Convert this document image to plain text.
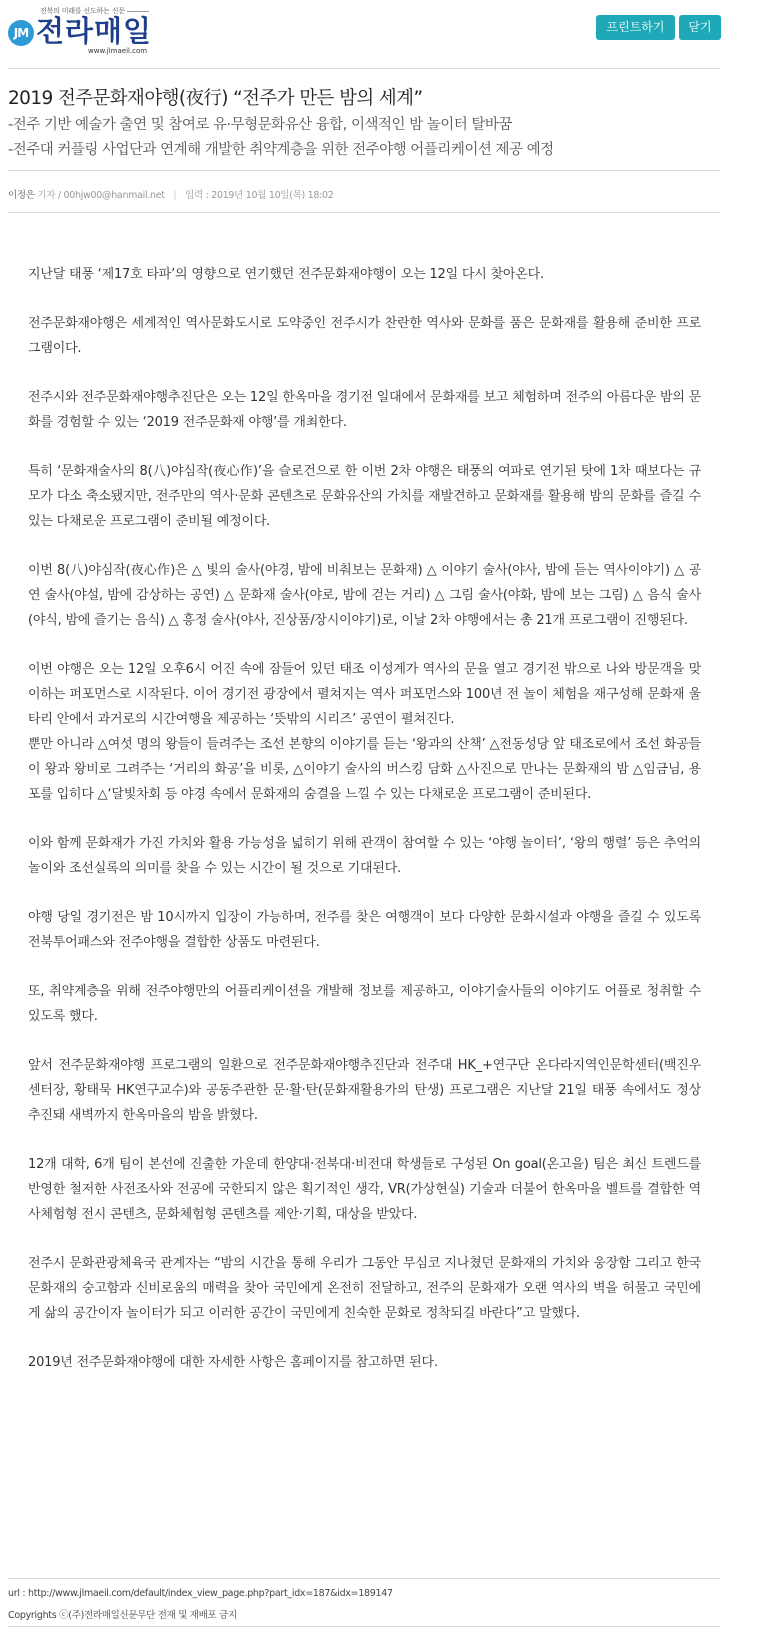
전북의 미래를 선도하는 신문
JM 전라매일
www.jlmaeil.com
프린트하기	닫기
2019 전주문화재야행(夜行) “전주가 만든 밤의 세계”
-전주 기반 예술가 출연 및 참여로 유·무형문화유산 융합, 이색적인 밤 놀이터 탈바꿈
-전주대 커플링 사업단과 연계해 개발한 취약계층을 위한 전주야행 어플리케이션 제공 예정
이정은 기자 / 00hjw00@hanmail.net | 입력 : 2019년 10월 10일(목) 18:02

지난달 태풍 ‘제17호 타파’의 영향으로 연기했던 전주문화재야행이 오는 12일 다시 찾아온다.

전주문화재야행은 세계적인 역사문화도시로 도약중인 전주시가 찬란한 역사와 문화를 품은 문화재를 활용해 준비한 프로그램이다.

전주시와 전주문화재야행추진단은 오는 12일 한옥마을 경기전 일대에서 문화재를 보고 체험하며 전주의 아름다운 밤의 문화를 경험할 수 있는 ‘2019 전주문화재 야행’를 개최한다.

특히 ‘문화재술사의 8(八)야심작(夜心作)’을 슬로건으로 한 이번 2차 야행은 태풍의 여파로 연기된 탓에 1차 때보다는 규모가 다소 축소됐지만, 전주만의 역사·문화 콘텐츠로 문화유산의 가치를 재발견하고 문화재를 활용해 밤의 문화를 즐길 수 있는 다채로운 프로그램이 준비될 예정이다.

이번 8(八)야심작(夜心作)은 △ 빛의 술사(야경, 밤에 비춰보는 문화재) △ 이야기 술사(야사, 밤에 듣는 역사이야기) △ 공연 술사(야설, 밤에 감상하는 공연) △ 문화재 술사(야로, 밤에 걷는 거리) △ 그림 술사(야화, 밤에 보는 그림) △ 음식 술사(야식, 밤에 즐기는 음식) △ 흥정 술사(야사, 진상품/장시이야기)로, 이날 2차 야행에서는 총 21개 프로그램이 진행된다.

이번 야행은 오는 12일 오후6시 어진 속에 잠들어 있던 태조 이성계가 역사의 문을 열고 경기전 밖으로 나와 방문객을 맞이하는 퍼포먼스로 시작된다. 이어 경기전 광장에서 펼쳐지는 역사 퍼포먼스와 100년 전 놀이 체험을 재구성해 문화재 울타리 안에서 과거로의 시간여행을 제공하는 ‘뜻밖의 시리즈’ 공연이 펼쳐진다.

뿐만 아니라 △여섯 명의 왕들이 들려주는 조선 본향의 이야기를 듣는 ‘왕과의 산책’ △전동성당 앞 태조로에서 조선 화공들이 왕과 왕비로 그려주는 ‘거리의 화공’을 비롯, △이야기 술사의 버스킹 담화 △사진으로 만나는 문화재의 밤 △임금님, 용포를 입히다 △‘달빛차회 등 야경 속에서 문화재의 숨결을 느낄 수 있는 다채로운 프로그램이 준비된다.

이와 함께 문화재가 가진 가치와 활용 가능성을 넓히기 위해 관객이 참여할 수 있는 ‘야행 놀이터’, ‘왕의 행렬’ 등은 추억의 놀이와 조선실록의 의미를 찾을 수 있는 시간이 될 것으로 기대된다.

야행 당일 경기전은 밤 10시까지 입장이 가능하며, 전주를 찾은 여행객이 보다 다양한 문화시설과 야행을 즐길 수 있도록 전북투어패스와 전주야행을 결합한 상품도 마련된다.

또, 취약계층을 위해 전주야행만의 어플리케이션을 개발해 정보를 제공하고, 이야기술사들의 이야기도 어플로 청취할 수 있도록 했다.

앞서 전주문화재야행 프로그램의 일환으로 전주문화재야행추진단과 전주대 HK_+연구단 온다라지역인문학센터(백진우 센터장, 황태묵 HK연구교수)와 공동주관한 문·활·탄(문화재활용가의 탄생) 프로그램은 지난달 21일 태풍 속에서도 정상 추진돼 새벽까지 한옥마을의 밤을 밝혔다.

12개 대학, 6개 팀이 본선에 진출한 가운데 한양대·전북대·비전대 학생들로 구성된 On goal(온고을) 팀은 최신 트렌드를 반영한 철저한 사전조사와 전공에 국한되지 않은 획기적인 생각, VR(가상현실) 기술과 더불어 한옥마을 벨트를 결합한 역사체험형 전시 콘텐츠, 문화체험형 콘텐츠를 제안·기획, 대상을 받았다.

전주시 문화관광체육국 관계자는 “밤의 시간을 통해 우리가 그동안 무심코 지나쳤던 문화재의 가치와 웅장함 그리고 한국 문화재의 숭고함과 신비로움의 매력을 찾아 국민에게 온전히 전달하고, 전주의 문화재가 오랜 역사의 벽을 허물고 국민에게 삶의 공간이자 놀이터가 되고 이러한 공간이 국민에게 친숙한 문화로 정착되길 바란다”고 말했다.

2019년 전주문화재야행에 대한 자세한 사항은 홈페이지를 참고하면 된다.

url : http://www.jlmaeil.com/default/index_view_page.php?part_idx=187&idx=189147
Copyrights ⓒ(주)전라매일신문무단 전재 및 재배포 금지
